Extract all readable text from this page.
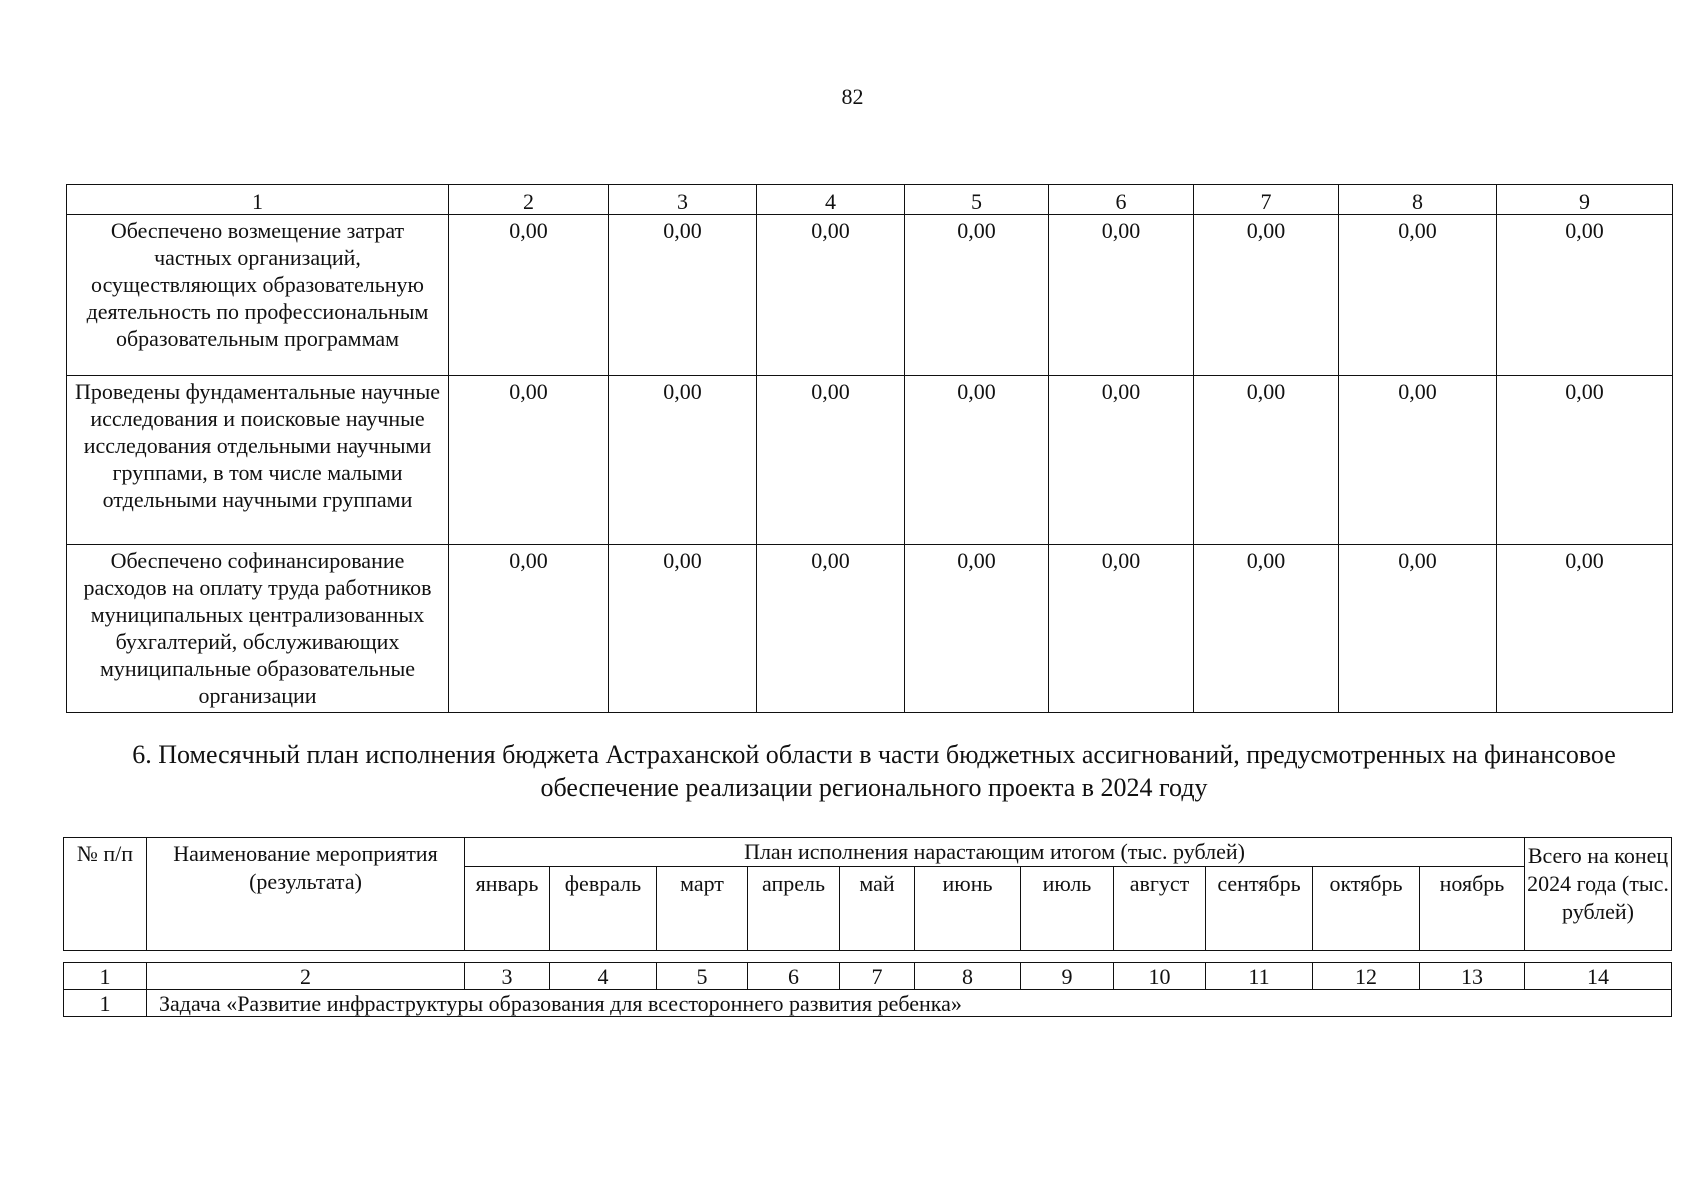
82
1	2	3	4	5	6	7	8	9
Обеспечено возмещение затрат частных организаций, осуществляющих образовательную деятельность по профессиональным образовательным программам	0,00	0,00	0,00	0,00	0,00	0,00	0,00	0,00
Проведены фундаментальные научные исследования и поисковые научные исследования отдельными научными группами, в том числе малыми отдельными научными группами	0,00	0,00	0,00	0,00	0,00	0,00	0,00	0,00
Обеспечено софинансирование расходов на оплату труда работников муниципальных централизованных бухгалтерий, обслуживающих муниципальные образовательные организации	0,00	0,00	0,00	0,00	0,00	0,00	0,00	0,00
6. Помесячный план исполнения бюджета Астраханской области в части бюджетных ассигнований, предусмотренных на финансовое обеспечение реализации регионального проекта в 2024 году
№ п/п	Наименование мероприятия (результата)	План исполнения нарастающим итогом (тыс. рублей)											Всего на конец 2024 года (тыс. рублей)
		январь	февраль	март	апрель	май	июнь	июль	август	сентябрь	октябрь	ноябрь	
1	2	3	4	5	6	7	8	9	10	11	12	13	14
1	Задача «Развитие инфраструктуры образования для всестороннего развития ребенка»												
